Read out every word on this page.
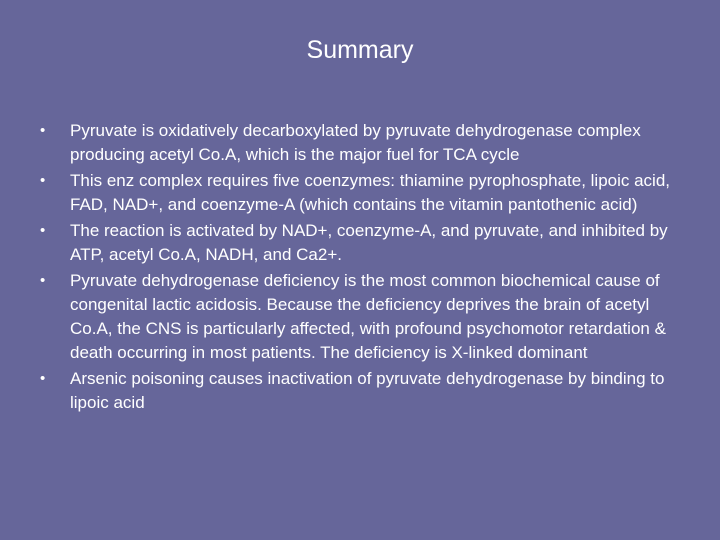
Summary
• Pyruvate is oxidatively decarboxylated by pyruvate dehydrogenase complex producing acetyl Co.A, which is the major fuel for TCA cycle
• This enz complex requires five coenzymes: thiamine pyrophosphate, lipoic acid, FAD, NAD+, and coenzyme-A (which contains the vitamin pantothenic acid)
• The reaction is activated by NAD+, coenzyme-A, and pyruvate, and inhibited by ATP, acetyl Co.A, NADH, and Ca2+.
• Pyruvate dehydrogenase deficiency is the most common biochemical cause of congenital lactic acidosis. Because the deficiency deprives the brain of acetyl Co.A, the CNS is particularly affected, with profound psychomotor retardation & death occurring in most patients. The deficiency is X-linked dominant
• Arsenic poisoning causes inactivation of pyruvate dehydrogenase by binding to lipoic acid
